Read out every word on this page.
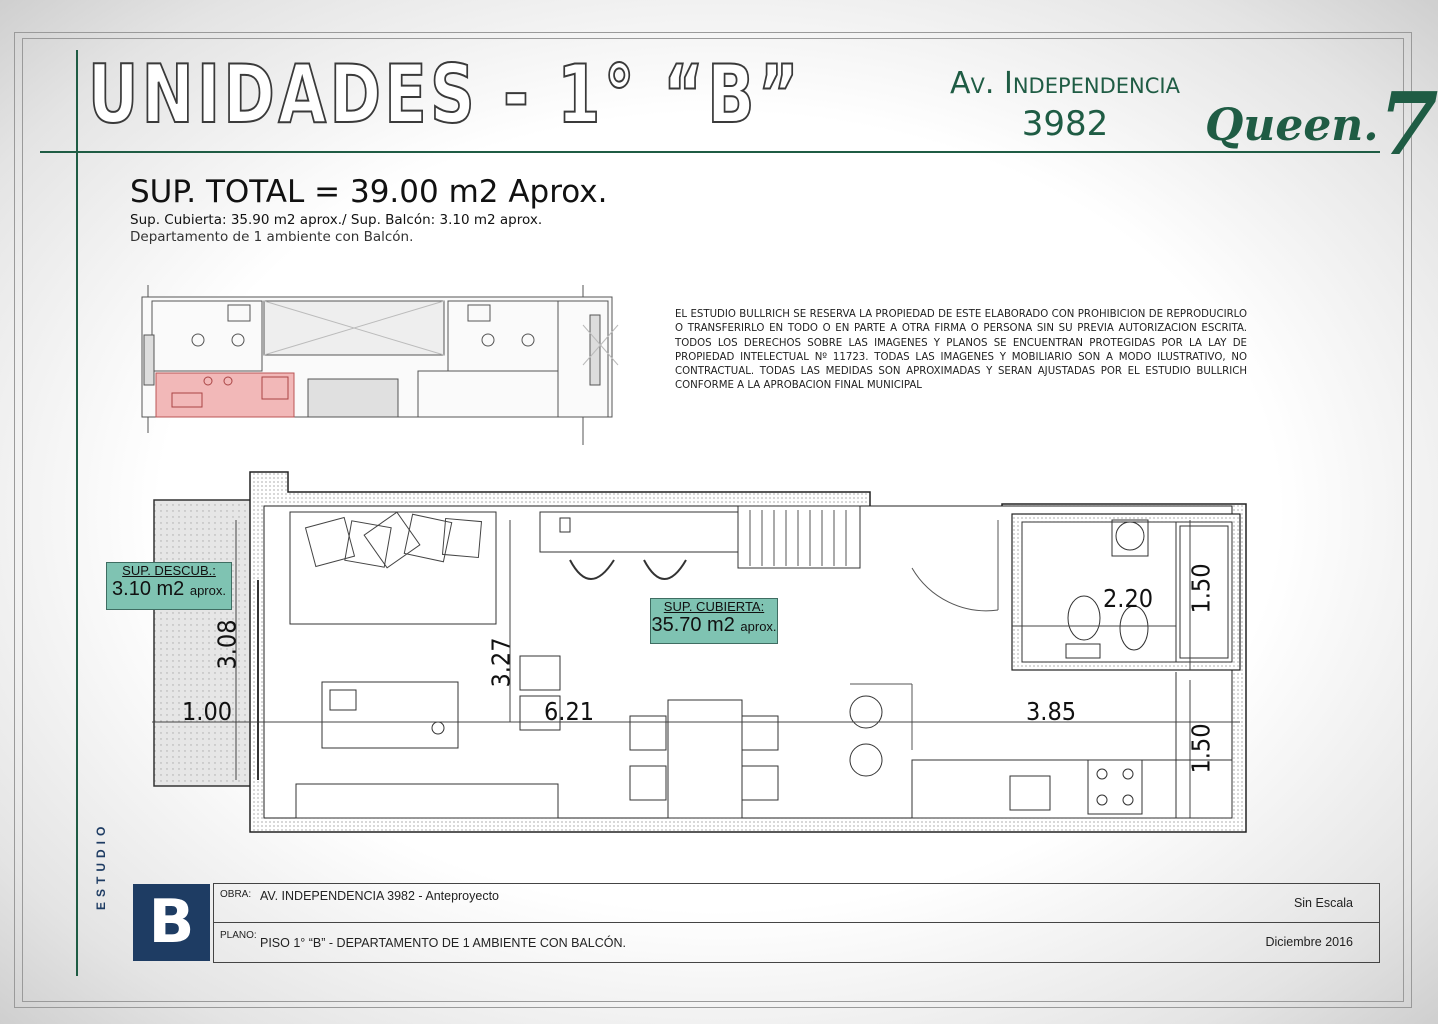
UNIDADES - 1° “B”	Av. Independencia
3982	Queen.7
SUP. TOTAL = 39.00 m2 Aprox.
Sup. Cubierta: 35.90 m2 aprox./ Sup. Balcón: 3.10 m2 aprox.
Departamento de 1 ambiente con Balcón.
EL ESTUDIO BULLRICH SE RESERVA LA PROPIEDAD DE ESTE ELABORADO CON PROHIBICION DE REPRODUCIRLO O TRANSFERIRLO EN TODO O EN PARTE A OTRA FIRMA O PERSONA SIN SU PREVIA AUTORIZACION ESCRITA. TODOS LOS DERECHOS SOBRE LAS IMAGENES Y PLANOS SE ENCUENTRAN PROTEGIDAS POR LA LAY DE PROPIEDAD INTELECTUAL Nº 11723. TODAS LAS IMAGENES Y MOBILIARIO SON A MODO ILUSTRATIVO, NO CONTRACTUAL. TODAS LAS MEDIDAS SON APROXIMADAS Y SERAN AJUSTADAS POR EL ESTUDIO BULLRICH CONFORME A LA APROBACION FINAL MUNICIPAL
SUP. DESCUB.:
3.10 m2 aprox.
SUP. CUBIERTA:
35.70 m2 aprox.
3.08
1.00
3.27
6.21
2.20 1.50
3.85
1.50
ESTUDIO
B	OBRA: AV. INDEPENDENCIA 3982 - Anteproyecto	Sin Escala
PLANO:
PISO 1° “B” - DEPARTAMENTO DE 1 AMBIENTE CON BALCÓN.	Diciembre 2016
